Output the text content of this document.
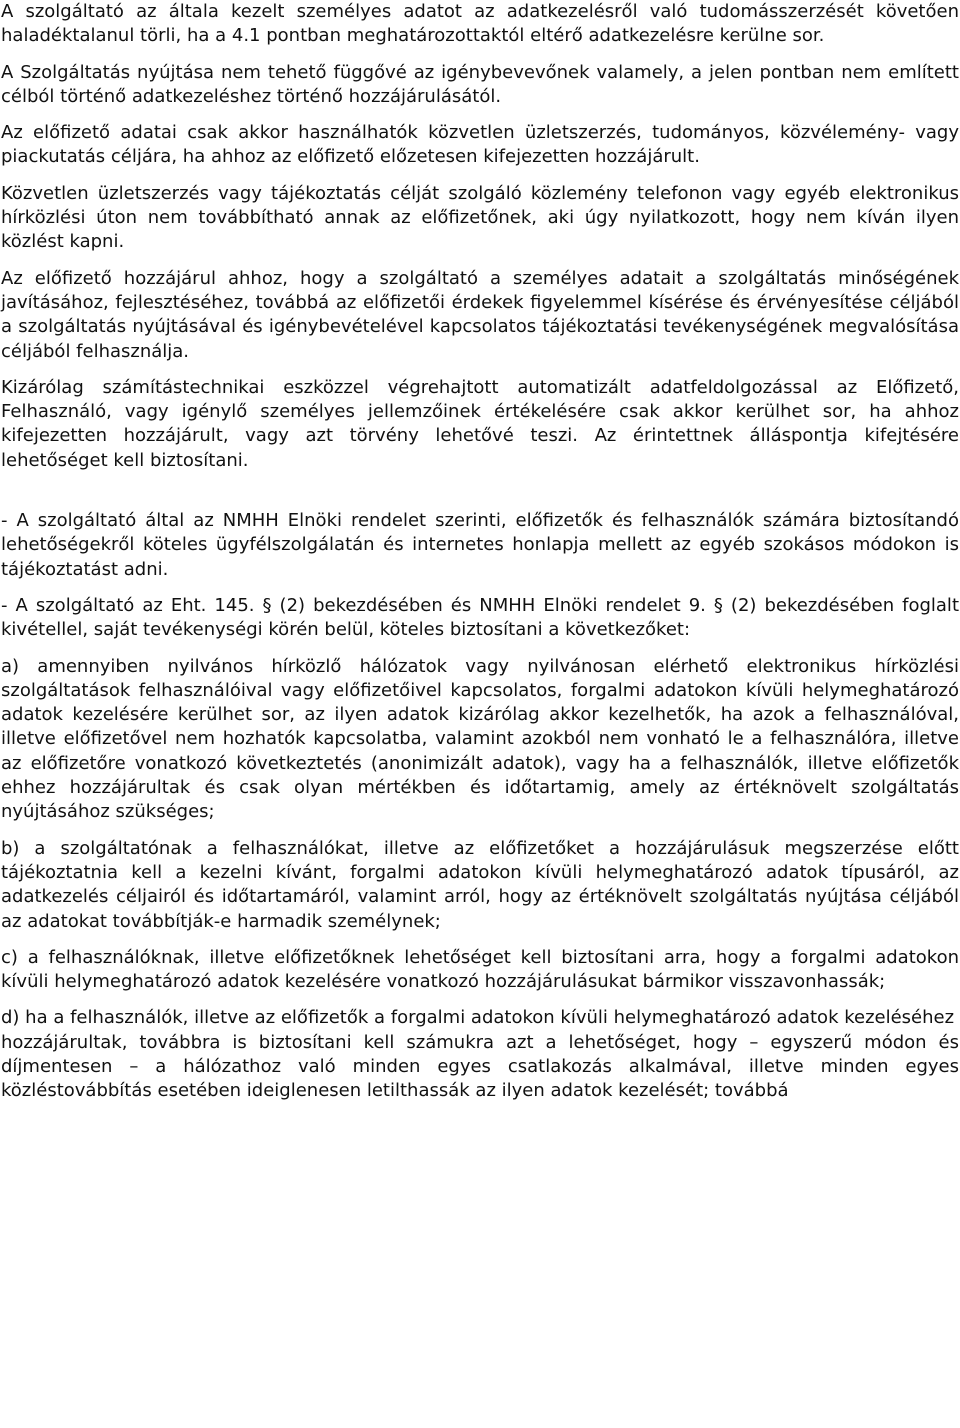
A szolgáltató az általa kezelt személyes adatot az adatkezelésről való tudomásszerzését követően haladéktalanul törli, ha a 4.1 pontban meghatározottaktól eltérő adatkezelésre kerülne sor.

A Szolgáltatás nyújtása nem tehető függővé az igénybevevőnek valamely, a jelen pontban nem említett célból történő adatkezeléshez történő hozzájárulásától.

Az előfizető adatai csak akkor használhatók közvetlen üzletszerzés, tudományos, közvélemény- vagy piackutatás céljára, ha ahhoz az előfizető előzetesen kifejezetten hozzájárult.

Közvetlen üzletszerzés vagy tájékoztatás célját szolgáló közlemény telefonon vagy egyéb elektronikus hírközlési úton nem továbbítható annak az előfizetőnek, aki úgy nyilatkozott, hogy nem kíván ilyen közlést kapni.

Az előfizető hozzájárul ahhoz, hogy a szolgáltató a személyes adatait a szolgáltatás minőségének javításához, fejlesztéséhez, továbbá az előfizetői érdekek figyelemmel kísérése és érvényesítése céljából a szolgáltatás nyújtásával és igénybevételével kapcsolatos tájékoztatási tevékenységének megvalósítása céljából felhasználja.

Kizárólag számítástechnikai eszközzel végrehajtott automatizált adatfeldolgozással az Előfizető, Felhasználó, vagy igénylő személyes jellemzőinek értékelésére csak akkor kerülhet sor, ha ahhoz kifejezetten hozzájárult, vagy azt törvény lehetővé teszi. Az érintettnek álláspontja kifejtésére lehetőséget kell biztosítani.

- A szolgáltató által az NMHH Elnöki rendelet szerinti, előfizetők és felhasználók számára biztosítandó lehetőségekről köteles ügyfélszolgálatán és internetes honlapja mellett az egyéb szokásos módokon is tájékoztatást adni.

- A szolgáltató az Eht. 145. § (2) bekezdésében és NMHH Elnöki rendelet 9. § (2) bekezdésében foglalt kivétellel, saját tevékenységi körén belül, köteles biztosítani a következőket:

a) amennyiben nyilvános hírközlő hálózatok vagy nyilvánosan elérhető elektronikus hírközlési szolgáltatások felhasználóival vagy előfizetőivel kapcsolatos, forgalmi adatokon kívüli helymeghatározó adatok kezelésére kerülhet sor, az ilyen adatok kizárólag akkor kezelhetők, ha azok a felhasználóval, illetve előfizetővel nem hozhatók kapcsolatba, valamint azokból nem vonható le a felhasználóra, illetve az előfizetőre vonatkozó következtetés (anonimizált adatok), vagy ha a felhasználók, illetve előfizetők ehhez hozzájárultak és csak olyan mértékben és időtartamig, amely az értéknövelt szolgáltatás nyújtásához szükséges;

b) a szolgáltatónak a felhasználókat, illetve az előfizetőket a hozzájárulásuk megszerzése előtt tájékoztatnia kell a kezelni kívánt, forgalmi adatokon kívüli helymeghatározó adatok típusáról, az adatkezelés céljairól és időtartamáról, valamint arról, hogy az értéknövelt szolgáltatás nyújtása céljából az adatokat továbbítják-e harmadik személynek;

c) a felhasználóknak, illetve előfizetőknek lehetőséget kell biztosítani arra, hogy a forgalmi adatokon kívüli helymeghatározó adatok kezelésére vonatkozó hozzájárulásukat bármikor visszavonhassák;

d) ha a felhasználók, illetve az előfizetők a forgalmi adatokon kívüli helymeghatározó adatok kezeléséhez

hozzájárultak, továbbra is biztosítani kell számukra azt a lehetőséget, hogy – egyszerű módon és díjmentesen – a hálózathoz való minden egyes csatlakozás alkalmával, illetve minden egyes közléstovábbítás esetében ideiglenesen letilthassák az ilyen adatok kezelését; továbbá
